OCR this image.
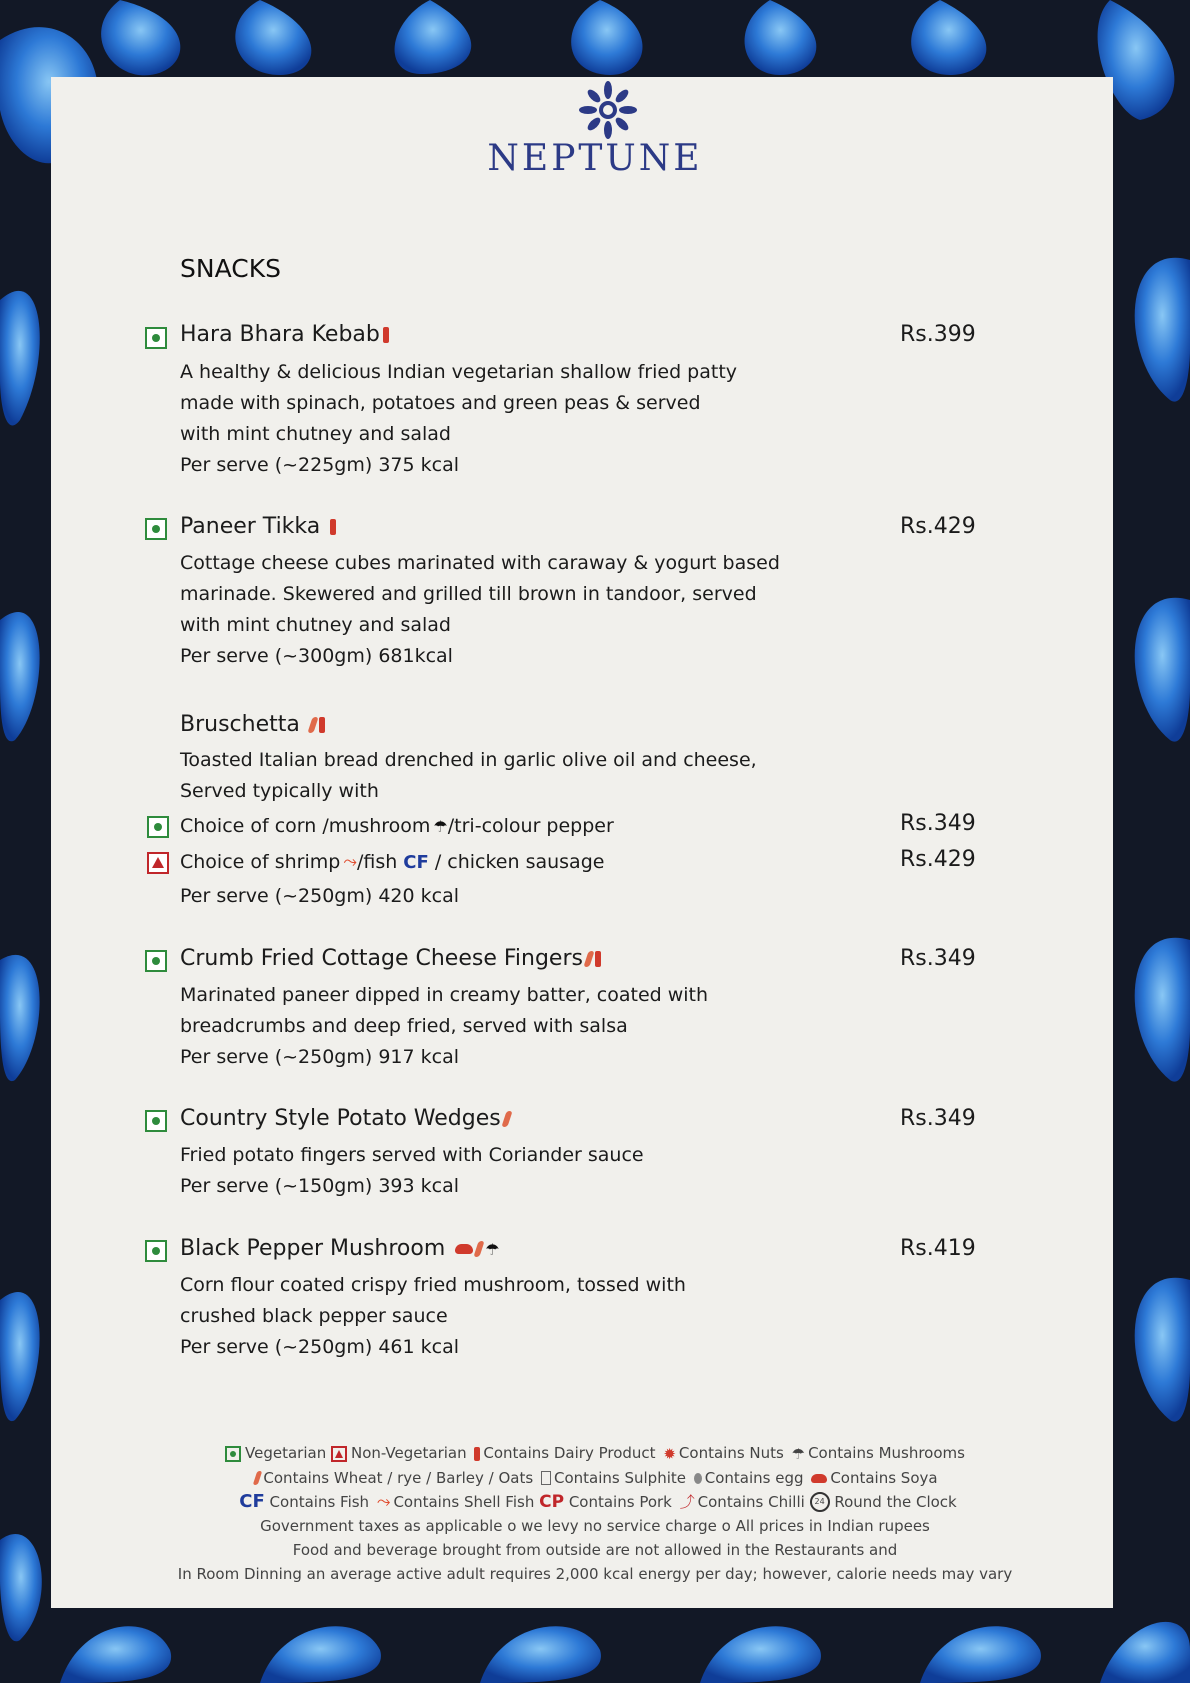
NEPTUNE
SNACKS
Hara Bhara Kebab	Rs.399
A healthy & delicious Indian vegetarian shallow fried patty
made with spinach, potatoes and green peas & served
with mint chutney and salad
Per serve (~225gm) 375 kcal
Paneer Tikka	Rs.429
Cottage cheese cubes marinated with caraway & yogurt based
marinade. Skewered and grilled till brown in tandoor, served
with mint chutney and salad
Per serve (~300gm) 681kcal
Bruschetta
Toasted Italian bread drenched in garlic olive oil and cheese,
Served typically with
Choice of corn /mushroom ☂/tri-colour pepper	Rs.349
Choice of shrimp ⤳/fish CF / chicken sausage	Rs.429
Per serve (~250gm) 420 kcal
Crumb Fried Cottage Cheese Fingers	Rs.349
Marinated paneer dipped in creamy batter, coated with
breadcrumbs and deep fried, served with salsa
Per serve (~250gm) 917 kcal
Country Style Potato Wedges	Rs.349
Fried potato fingers served with Coriander sauce
Per serve (~150gm) 393 kcal
Black Pepper Mushroom	☂	Rs.419
Corn flour coated crispy fried mushroom, tossed with
crushed black pepper sauce
Per serve (~250gm) 461 kcal
Vegetarian Non-Vegetarian Contains Dairy Product ✹ Contains Nuts ☂ Contains Mushrooms
Contains Wheat / rye / Barley / Oats Contains Sulphite Contains egg Contains Soya
CF Contains Fish ⤳ Contains Shell Fish CP Contains Pork ⤴ Contains Chilli 24 Round the Clock
Government taxes as applicable o we levy no service charge o All prices in Indian rupees
Food and beverage brought from outside are not allowed in the Restaurants and
In Room Dinning an average active adult requires 2,000 kcal energy per day; however, calorie needs may vary
